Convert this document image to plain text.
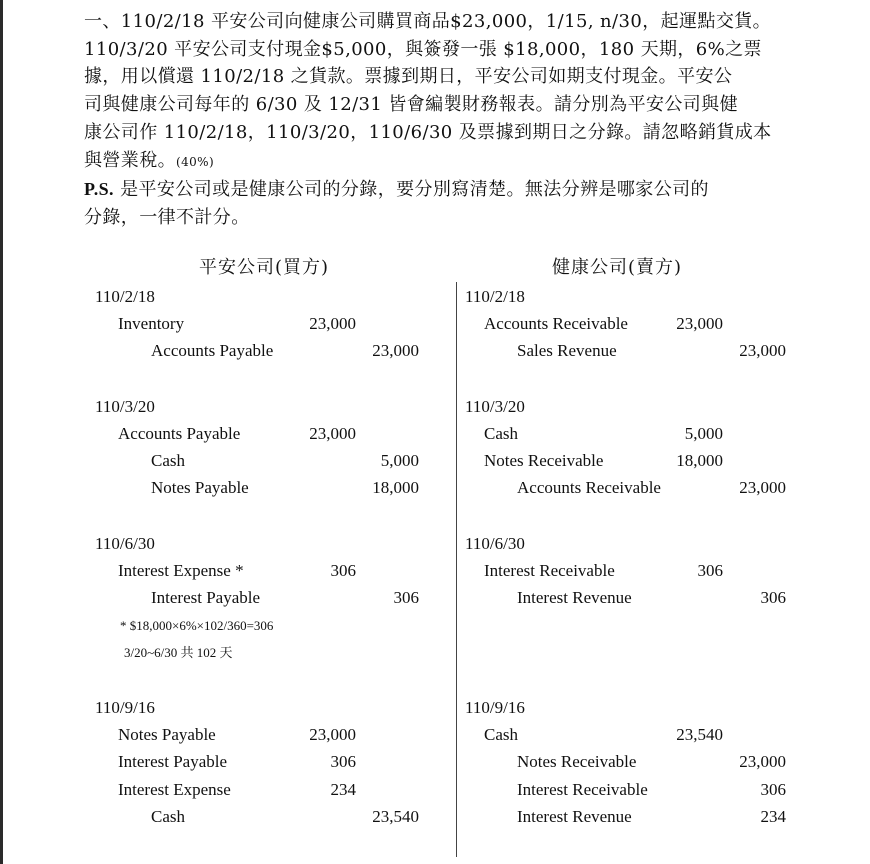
一、110/2/18 平安公司向健康公司購買商品$23,000，1/15, n/30，起運點交貨。

110/3/20 平安公司支付現金$5,000，與簽發一張 $18,000，180 天期，6%之票

據，用以償還 110/2/18 之貨款。票據到期日，平安公司如期支付現金。平安公

司與健康公司每年的 6/30 及 12/31 皆會編製財務報表。請分別為平安公司與健

康公司作 110/2/18，110/3/20，110/6/30 及票據到期日之分錄。請忽略銷貨成本

與營業稅。(40%)

P.S. 是平安公司或是健康公司的分錄，要分別寫清楚。無法分辨是哪家公司的

分錄，一律不計分。

平安公司(買方)
110/2/18
Inventory	23,000
Accounts Payable	23,000
110/3/20
Accounts Payable	23,000
Cash	5,000
Notes Payable	18,000
110/6/30
Interest Expense *	306
Interest Payable	306
* $18,000×6%×102/360=306
3/20~6/30 共 102 天
110/9/16
Notes Payable	23,000
Interest Payable	306
Interest Expense	234
Cash	23,540
健康公司(賣方)
110/2/18
Accounts Receivable	23,000
Sales Revenue	23,000
110/3/20
Cash	5,000
Notes Receivable	18,000
Accounts Receivable	23,000
110/6/30
Interest Receivable	306
Interest Revenue	306
110/9/16
Cash	23,540
Notes Receivable	23,000
Interest Receivable	306
Interest Revenue	234
